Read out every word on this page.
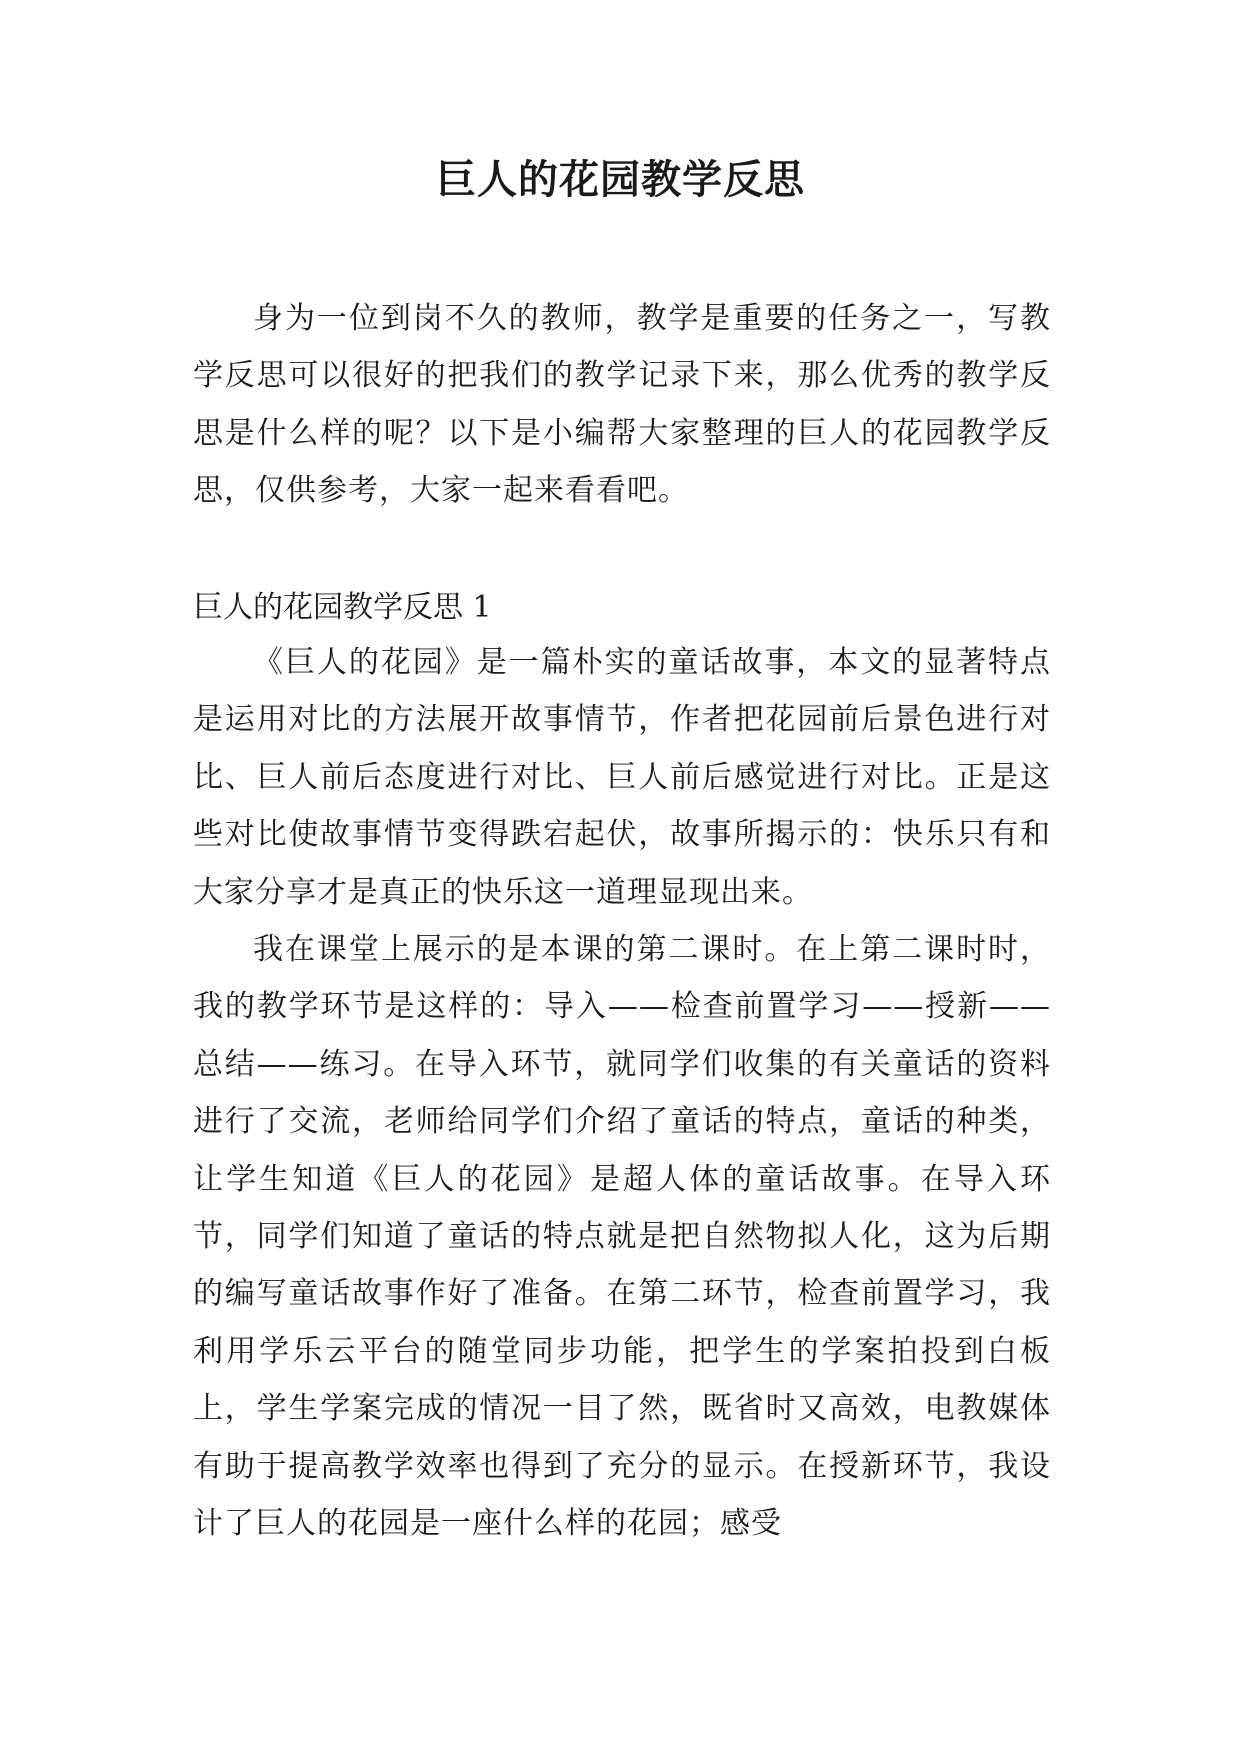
巨人的花园教学反思

身为一位到岗不久的教师，教学是重要的任务之一，写教学反思可以很好的把我们的教学记录下来，那么优秀的教学反思是什么样的呢？以下是小编帮大家整理的巨人的花园教学反思，仅供参考，大家一起来看看吧。

巨人的花园教学反思 1

《巨人的花园》是一篇朴实的童话故事，本文的显著特点是运用对比的方法展开故事情节，作者把花园前后景色进行对比、巨人前后态度进行对比、巨人前后感觉进行对比。正是这些对比使故事情节变得跌宕起伏，故事所揭示的：快乐只有和大家分享才是真正的快乐这一道理显现出来。

我在课堂上展示的是本课的第二课时。在上第二课时时，我的教学环节是这样的：导入——检查前置学习——授新——总结——练习。在导入环节，就同学们收集的有关童话的资料进行了交流，老师给同学们介绍了童话的特点，童话的种类，让学生知道《巨人的花园》是超人体的童话故事。在导入环节，同学们知道了童话的特点就是把自然物拟人化，这为后期的编写童话故事作好了准备。在第二环节，检查前置学习，我利用学乐云平台的随堂同步功能，把学生的学案拍投到白板上，学生学案完成的情况一目了然，既省时又高效，电教媒体有助于提高教学效率也得到了充分的显示。在授新环节，我设计了巨人的花园是一座什么样的花园；感受
